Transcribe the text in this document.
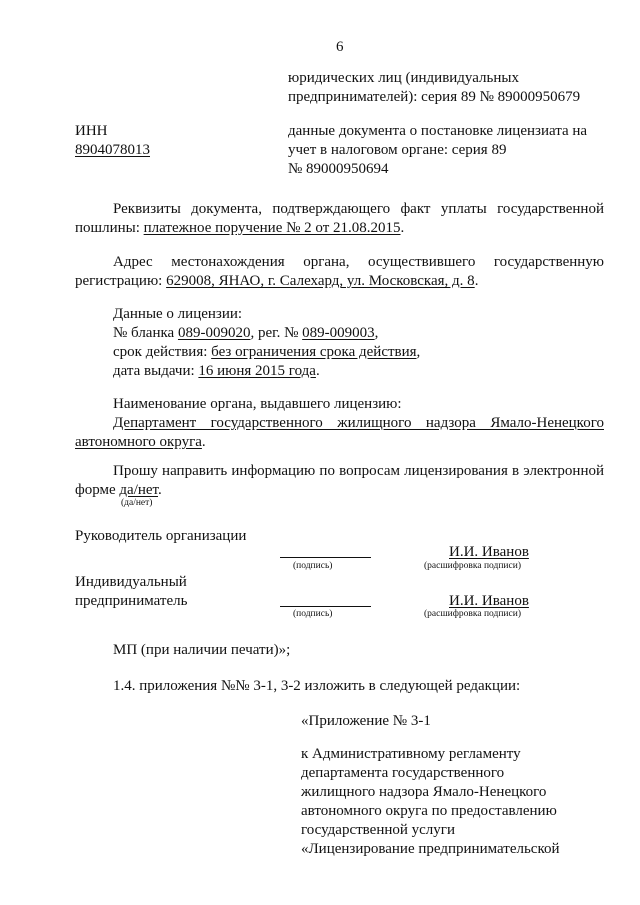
6
юридических лиц (индивидуальных
предпринимателей): серия 89 № 89000950679
ИНН
8904078013
данные документа о постановке лицензиата на
учет в налоговом органе: серия 89
№ 89000950694
Реквизиты документа, подтверждающего факт уплаты государственной
пошлины: платежное поручение № 2 от 21.08.2015.
Адрес местонахождения органа, осуществившего государственную
регистрацию: 629008, ЯНАО, г. Салехард, ул. Московская, д. 8.
Данные о лицензии:
№ бланка 089-009020, рег. № 089-009003,
срок действия: без ограничения срока действия,
дата выдачи: 16 июня 2015 года.
Наименование органа, выдавшего лицензию:
Департамент государственного жилищного надзора Ямало-Ненецкого
автономного округа.
Прошу направить информацию по вопросам лицензирования в электронной
форме да/нет.
(да/нет)
Руководитель организации
(подпись)
И.И. Иванов
(расшифровка подписи)
Индивидуальный
предприниматель
(подпись)
И.И. Иванов
(расшифровка подписи)
МП (при наличии печати)»;
1.4. приложения №№ 3-1, 3-2 изложить в следующей редакции:
«Приложение № 3-1
к Административному регламенту
департамента государственного
жилищного надзора Ямало-Ненецкого
автономного округа по предоставлению
государственной услуги
«Лицензирование предпринимательской
